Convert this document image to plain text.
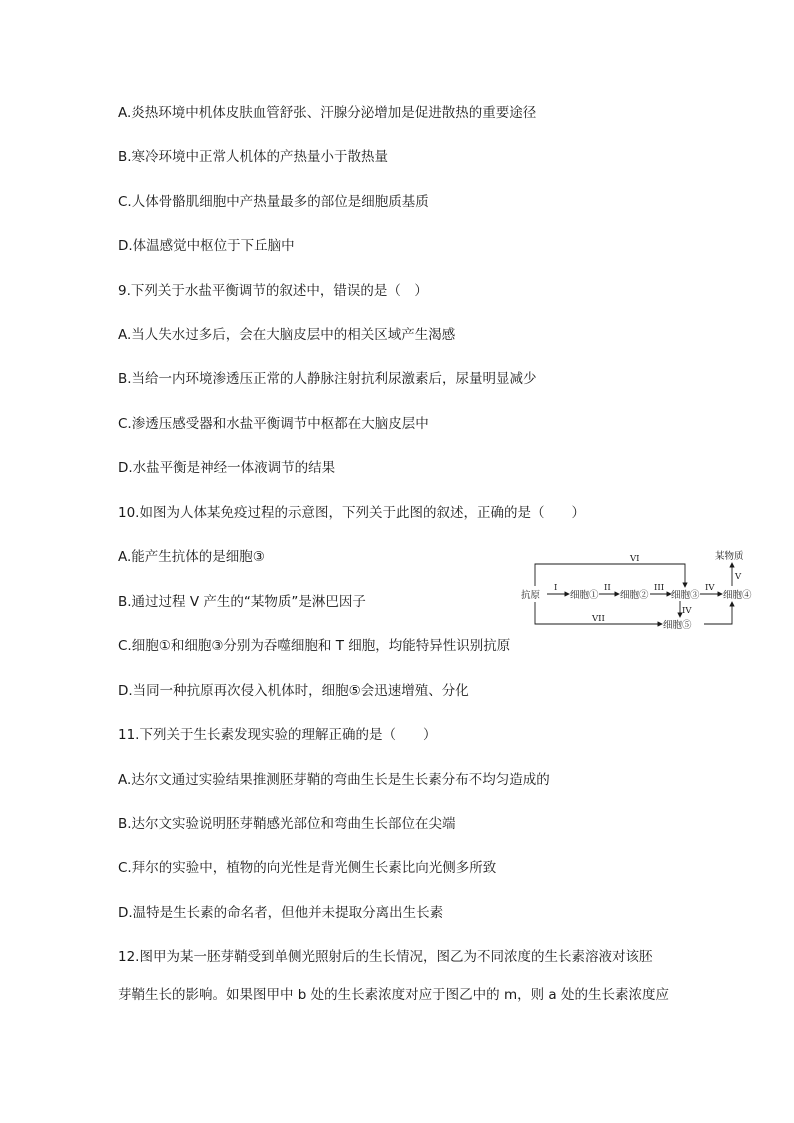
A.炎热环境中机体皮肤血管舒张、汗腺分泌增加是促进散热的重要途径
B.寒冷环境中正常人机体的产热量小于散热量
C.人体骨骼肌细胞中产热量最多的部位是细胞质基质
D.体温感觉中枢位于下丘脑中
9.下列关于水盐平衡调节的叙述中，错误的是（　）
A.当人失水过多后，会在大脑皮层中的相关区域产生渴感
B.当给一内环境渗透压正常的人静脉注射抗利尿激素后，尿量明显减少
C.渗透压感受器和水盐平衡调节中枢都在大脑皮层中
D.水盐平衡是神经一体液调节的结果
10.如图为人体某免疫过程的示意图，下列关于此图的叙述，正确的是（　　）
A.能产生抗体的是细胞③
B.通过过程 V 产生的“某物质”是淋巴因子
C.细胞①和细胞③分别为吞噬细胞和 T 细胞，均能特异性识别抗原
D.当同一种抗原再次侵入机体时，细胞⑤会迅速增殖、分化
11.下列关于生长素发现实验的理解正确的是（　　）
A.达尔文通过实验结果推测胚芽鞘的弯曲生长是生长素分布不均匀造成的
B.达尔文实验说明胚芽鞘感光部位和弯曲生长部位在尖端
C.拜尔的实验中，植物的向光性是背光侧生长素比向光侧多所致
D.温特是生长素的命名者，但他并未提取分离出生长素
12.图甲为某一胚芽鞘受到单侧光照射后的生长情况，图乙为不同浓度的生长素溶液对该胚
芽鞘生长的影响。如果图甲中 b 处的生长素浓度对应于图乙中的 m，则 a 处的生长素浓度应
抗原	细胞① 细胞② 细胞③ 细胞④
细胞⑤
某物质
I	II	III	IV
IV
V
VI
VII
